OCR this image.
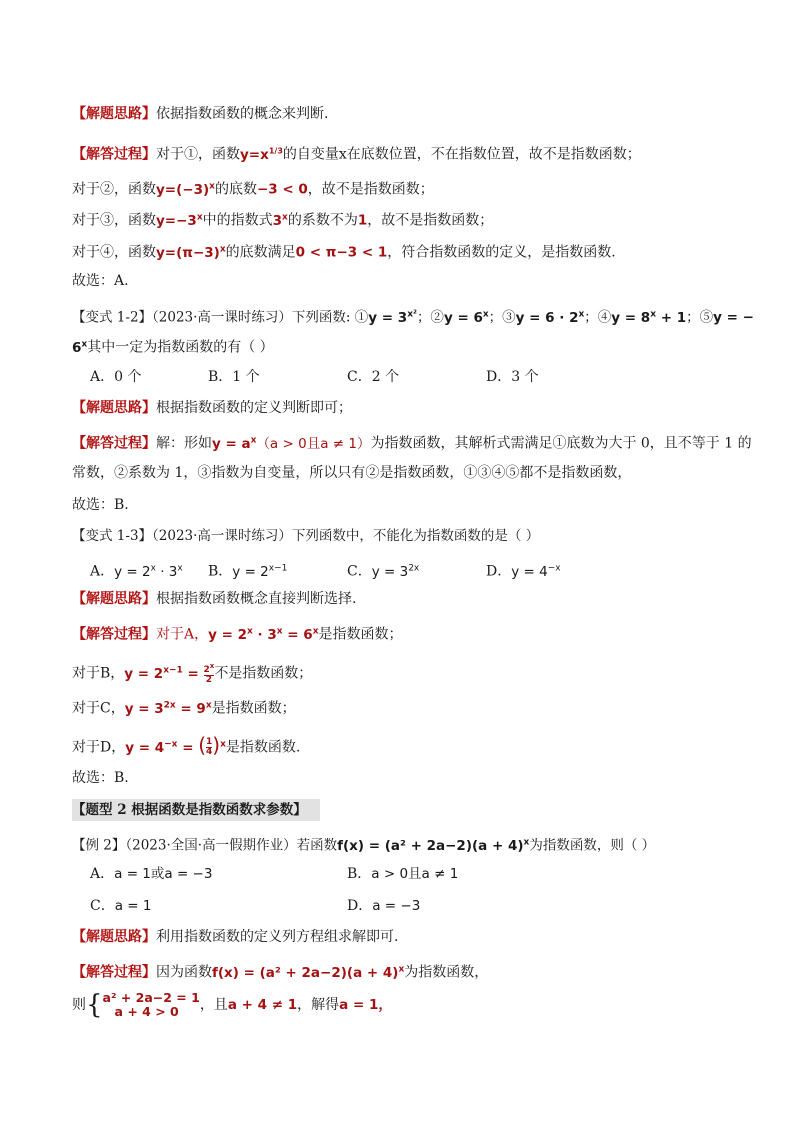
【解题思路】依据指数函数的概念来判断.
【解答过程】对于①，函数$y=x^{1/3}$的自变量x在底数位置，不在指数位置，故不是指数函数；
对于②，函数$y=(-3)^x$的底数−3 < 0，故不是指数函数；
对于③，函数$y=-3^x$中的指数式3$^x$的系数不为1，故不是指数函数；
对于④，函数$y=(\pi-3)^x$的底数满足0 < π−3 < 1，符合指数函数的定义，是指数函数.
故选：A.
【变式 1-2】（2023·高一课时练习）下列函数: ①y = $3^{x^2}$；②y = $6^x$；③y = $6 \cdot 2^x$；④y = $8^x + 1$；⑤y = −
$6^x$其中一定为指数函数的有（ ）
A．0 个	B．1 个	C．2 个	D．3 个
【解题思路】根据指数函数的定义判断即可；
【解答过程】解：形如$y = a^x(a > 0$且a ≠ 1）为指数函数，其解析式需满足①底数为大于 0，且不等于 1 的
常数，②系数为 1，③指数为自变量，所以只有②是指数函数，①③④⑤都不是指数函数，
故选：B.
【变式 1-3】（2023·高一课时练习）下列函数中，不能化为指数函数的是（ ）
A．$y = 2^x \cdot 3^x$ B．$y = 2^{x-1}$	C．$y = 3^{2x}$	D．$y = 4^{-x}$
【解题思路】根据指数函数概念直接判断选择.
【解答过程】对于A，$y = 2^x \cdot 3^x = 6^x$是指数函数；
对于B，$y = 2^{x-1} = \frac{2^x}{2}$ 不是指数函数；
对于C，$y = 3^{2x} = 9^x$是指数函数；
对于D，$y = 4^{-x}$ = ( $\frac{1}{4} )^x$是指数函数.
故选：B.
【题型 2 根据函数是指数函数求参数】
【例 2】（2023·全国·高一假期作业）若函数$f(x) = (a^2 + 2a-2)(a + 4)^x$为指数函数，则（ ）
A．a = 1或a = −3	B．a > 0且a ≠ 1
C．a = 1	D．a = −3
【解题思路】利用指数函数的定义列方程组求解即可.
【解答过程】因为函数$f(x) = (a^2 + 2a-2)(a + 4)^x$为指数函数，
则{ a² + 2a−2 = 1
a + 4 > 0	，且a + 4 ≠ 1，解得a = 1，
